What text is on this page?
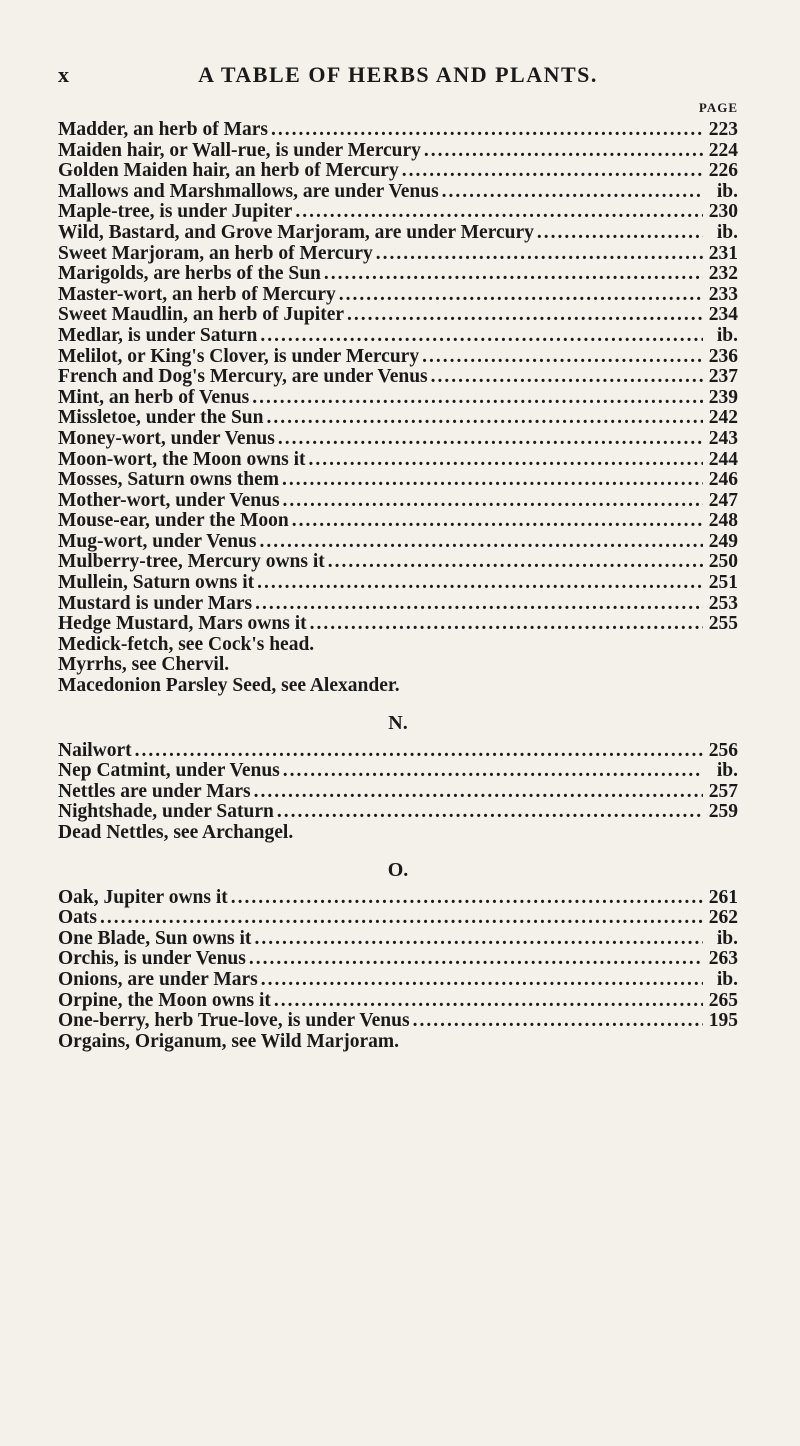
x	A TABLE OF HERBS AND PLANTS.
PAGE
Madder, an herb of Mars .....	223
Maiden hair, or Wall-rue, is under Mercury .....	224
Golden Maiden hair, an herb of Mercury .....	226
Mallows and Marshmallows, are under Venus .....	ib.
Maple-tree, is under Jupiter .....	230
Wild, Bastard, and Grove Marjoram, are under Mercury .....	ib.
Sweet Marjoram, an herb of Mercury .....	231
Marigolds, are herbs of the Sun .....	232
Master-wort, an herb of Mercury .....	233
Sweet Maudlin, an herb of Jupiter .....	234
Medlar, is under Saturn .....	ib.
Melilot, or King's Clover, is under Mercury .....	236
French and Dog's Mercury, are under Venus .....	237
Mint, an herb of Venus .....	239
Missletoe, under the Sun .....	242
Money-wort, under Venus .....	243
Moon-wort, the Moon owns it .....	244
Mosses, Saturn owns them .....	246
Mother-wort, under Venus .....	247
Mouse-ear, under the Moon .....	248
Mug-wort, under Venus .....	249
Mulberry-tree, Mercury owns it .....	250
Mullein, Saturn owns it .....	251
Mustard is under Mars .....	253
Hedge Mustard, Mars owns it .....	255
Medick-fetch, see Cock's head.
Myrrhs, see Chervil.
Macedonion Parsley Seed, see Alexander.
N.
Nailwort .....	256
Nep Catmint, under Venus .....	ib.
Nettles are under Mars .....	257
Nightshade, under Saturn .....	259
Dead Nettles, see Archangel.
O.
Oak, Jupiter owns it .....	261
Oats .....	262
One Blade, Sun owns it .....	ib.
Orchis, is under Venus .....	263
Onions, are under Mars .....	ib.
Orpine, the Moon owns it .....	265
One-berry, herb True-love, is under Venus .....	195
Orgains, Origanum, see Wild Marjoram.
